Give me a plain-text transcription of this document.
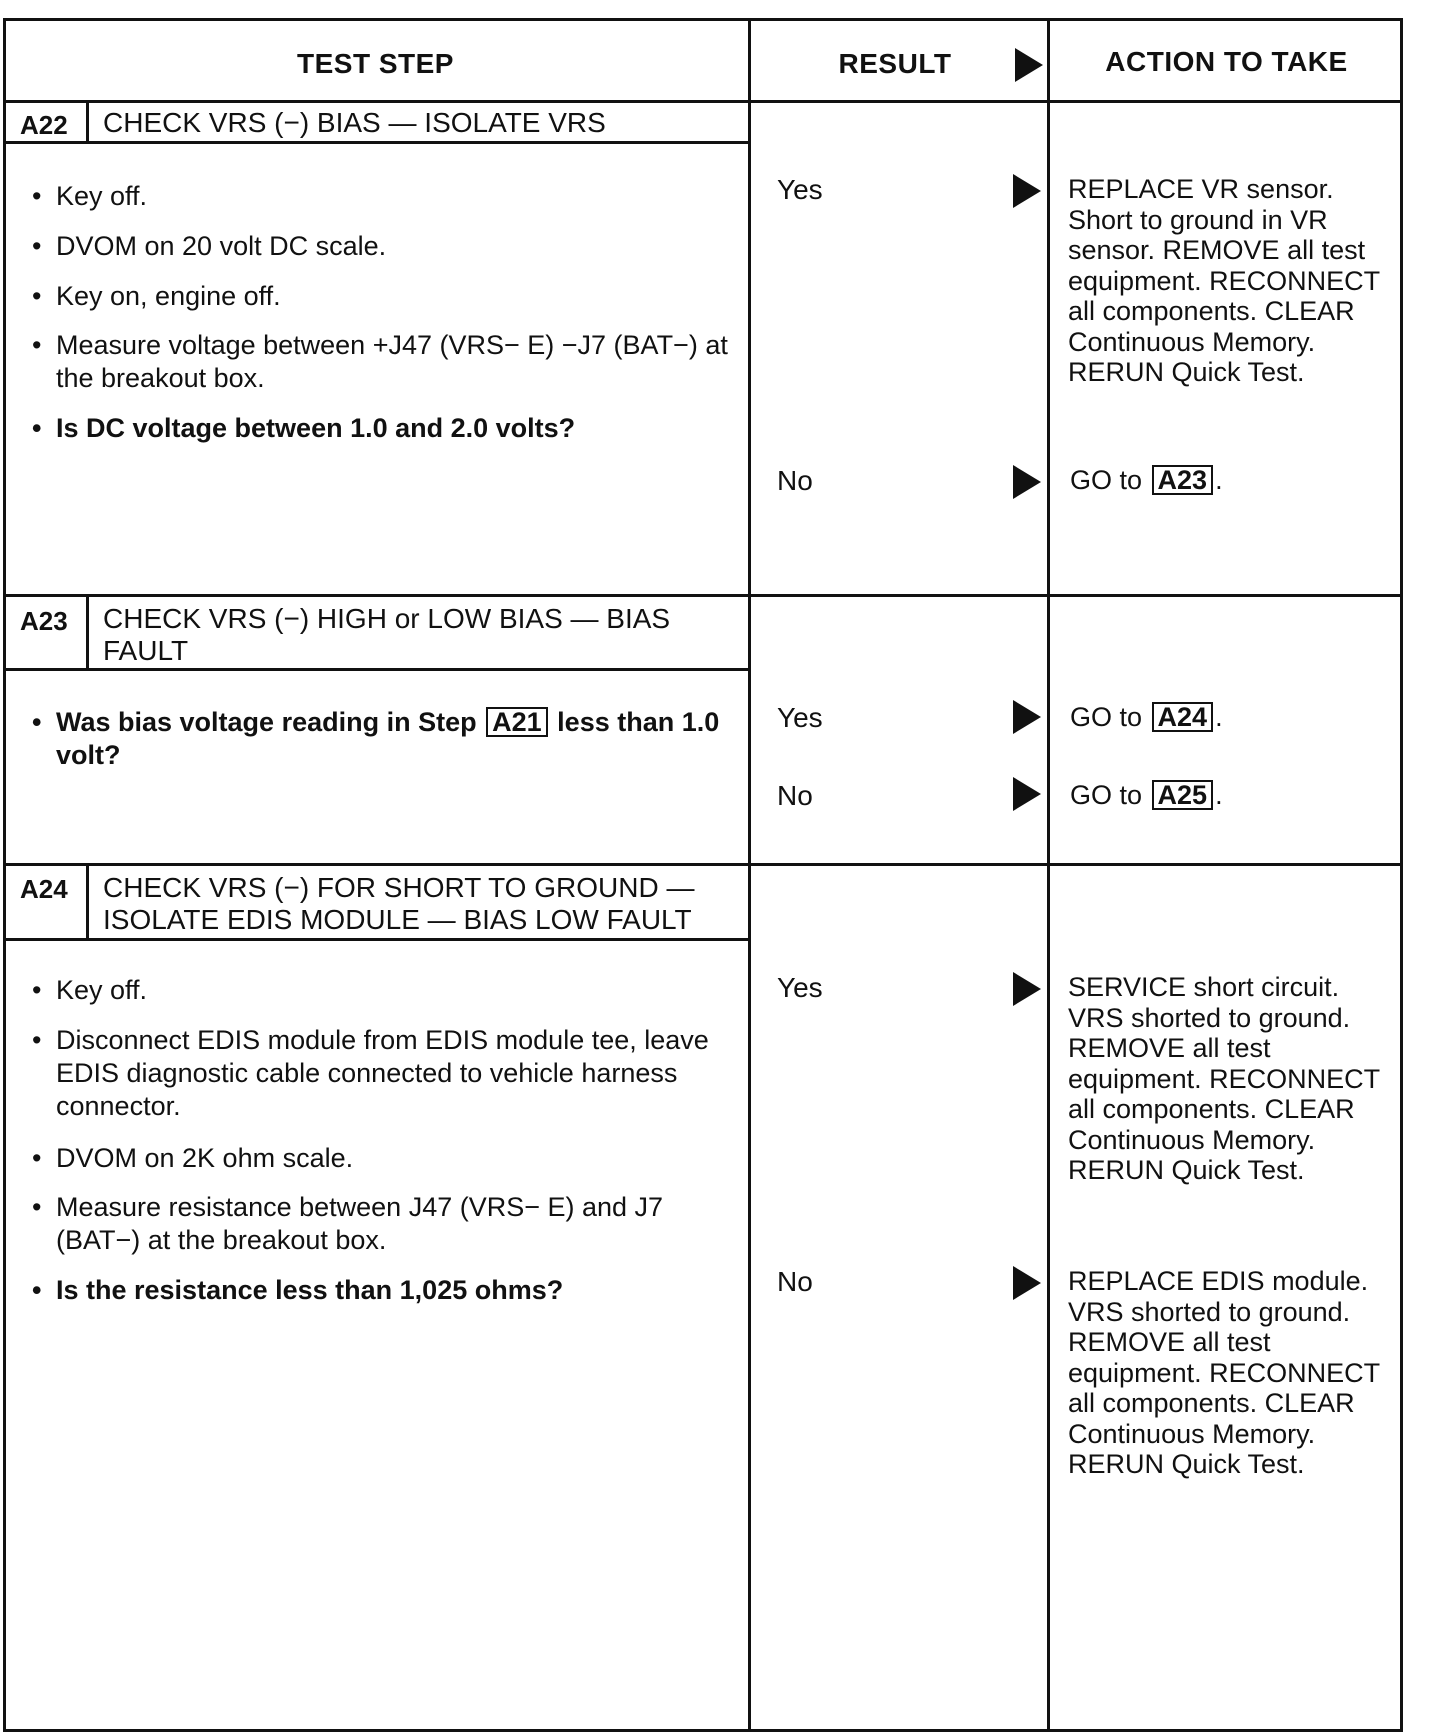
TEST STEP	RESULT	ACTION TO TAKE
A22 CHECK VRS (−) BIAS — ISOLATE VRS
• Key off.
• DVOM on 20 volt DC scale.
• Key on, engine off.
• Measure voltage between +J47 (VRS− E) −J7 (BAT−) at the breakout box.
• Is DC voltage between 1.0 and 2.0 volts?
Yes	REPLACE VR sensor. Short to ground in VR sensor. REMOVE all test equipment. RECONNECT all components. CLEAR Continuous Memory. RERUN Quick Test.
No	GO to A23 .
A23 CHECK VRS (−) HIGH or LOW BIAS — BIAS FAULT
• Was bias voltage reading in Step A21 less than 1.0 volt?
Yes	GO to A24 .
No	GO to A25 .
A24 CHECK VRS (−) FOR SHORT TO GROUND — ISOLATE EDIS MODULE — BIAS LOW FAULT
• Key off.
• Disconnect EDIS module from EDIS module tee, leave EDIS diagnostic cable connected to vehicle harness connector.
• DVOM on 2K ohm scale.
• Measure resistance between J47 (VRS− E) and J7 (BAT−) at the breakout box.
• Is the resistance less than 1,025 ohms?
Yes	SERVICE short circuit. VRS shorted to ground. REMOVE all test equipment. RECONNECT all components. CLEAR Continuous Memory. RERUN Quick Test.
No	REPLACE EDIS module. VRS shorted to ground. REMOVE all test equipment. RECONNECT all components. CLEAR Continuous Memory. RERUN Quick Test.
